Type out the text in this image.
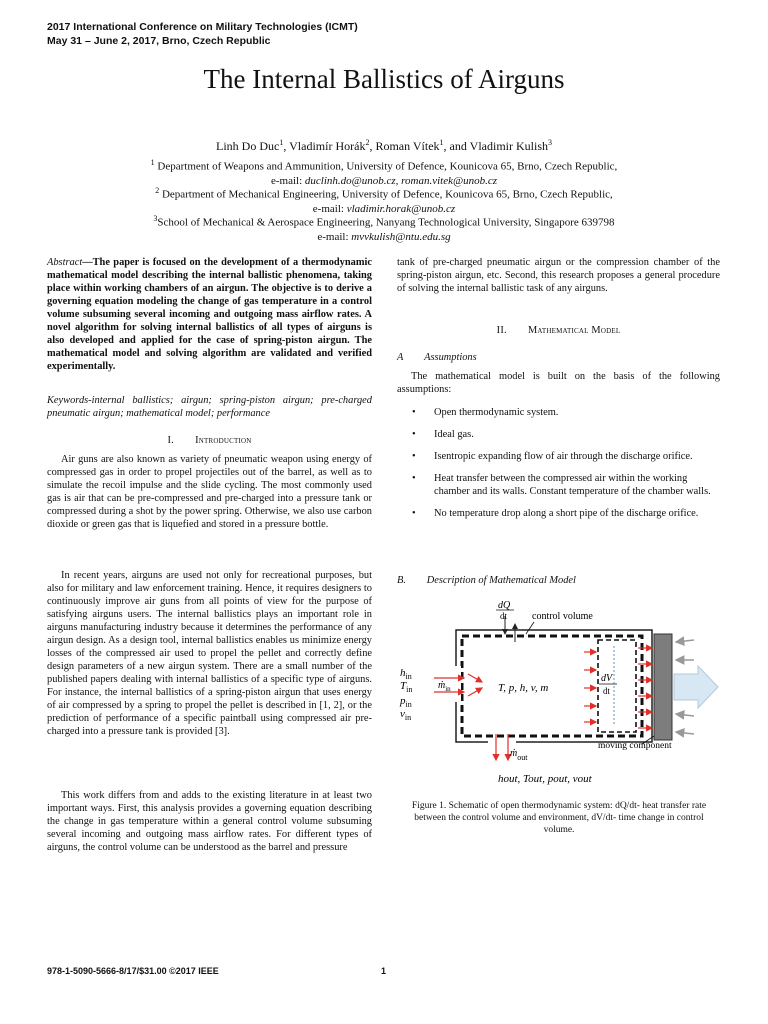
2017 International Conference on Military Technologies (ICMT)
May 31 – June 2, 2017, Brno, Czech Republic
The Internal Ballistics of Airguns
Linh Do Duc$^1$, Vladimír Horák$^2$, Roman Vítek$^1$, and Vladimir Kulish$^3$
$^1$ Department of Weapons and Ammunition, University of Defence, Kounicova 65, Brno, Czech Republic,
e-mail: duclinh.do@unob.cz, roman.vitek@unob.cz
$^2$ Department of Mechanical Engineering, University of Defence, Kounicova 65, Brno, Czech Republic,
e-mail: vladimir.horak@unob.cz
$^3$School of Mechanical & Aerospace Engineering, Nanyang Technological University, Singapore 639798
e-mail: mvvkulish@ntu.edu.sg
Abstract—The paper is focused on the development of a thermodynamic mathematical model describing the internal ballistic phenomena, taking place within working chambers of an airgun. The objective is to derive a governing equation modeling the change of gas temperature in a control volume subsuming several incoming and outgoing mass airflow rates. A novel algorithm for solving internal ballistics of all types of airguns is also developed and applied for the case of spring-piston airgun. The mathematical model and solving algorithm are validated and verified experimentally.
Keywords-internal ballistics; airgun; spring-piston airgun; pre-charged pneumatic airgun; mathematical model; performance
I.  Introduction

Air guns are also known as variety of pneumatic weapon using energy of compressed gas in order to propel projectiles out of the barrel, as well as to simulate the recoil impulse and the slide cycling. The most commonly used gas is air that can be pre-compressed and pre-charged into a pressure tank or compressed during a shot by the power spring. Otherwise, we also use carbon dioxide or green gas that is liquefied and stored in a pressure bottle.

In recent years, airguns are used not only for recreational purposes, but also for military and law enforcement training. Hence, it requires designers to continuously improve air guns from all points of view for the purpose of satisfying airguns users. The internal ballistics plays an important role in airguns manufacturing industry because it determines the performance of any airgun design. As a design tool, internal ballistics enables us minimize energy losses of the compressed air used to propel the pellet and correctly define design parameters of a new airgun system. There are a small number of the published papers dealing with internal ballistics of a specific type of airguns. For instance, the internal ballistics of a spring-piston airgun that uses energy of air compressed by a spring to propel the pellet is described in [1, 2], or the prediction of performance of a specific paintball using compressed air pre-charged into a pressure tank is provided [3].

This work differs from and adds to the existing literature in at least two important ways. First, this analysis provides a governing equation describing the change in gas temperature within a general control volume subsuming several incoming and outgoing mass airflow rates. For different types of airguns, the control volume can be understood as the barrel and pressure

tank of pre-charged pneumatic airgun or the compression chamber of the spring-piston airgun, etc. Second, this research proposes a general procedure of solving the internal ballistic task of any airguns.
II.  Mathematical Model
A  Assumptions

The mathematical model is built on the basis of the following assumptions:

• Open thermodynamic system.
• Ideal gas.
• Isentropic expanding flow of air through the discharge orifice.
• Heat transfer between the compressed air within the working chamber and its walls. Constant temperature of the chamber walls.
• No temperature drop along a short pipe of the discharge orifice.
B.  Description of Mathematical Model
dQ
dt control volume
$h_{in}$
$T_{in}$
$p_{in}$
$v_{in}$
ṁ$_{in}$	T, p, h, v, m
dV
dt
ṁ$_{out}$
hout, Tout, pout, vout
moving component
Figure 1. Schematic of open thermodynamic system: dQ/dt- heat transfer rate between the control volume and environment, dV/dt- time change in control volume.
978-1-5090-5666-8/17/$31.00 ©2017 IEEE	1
